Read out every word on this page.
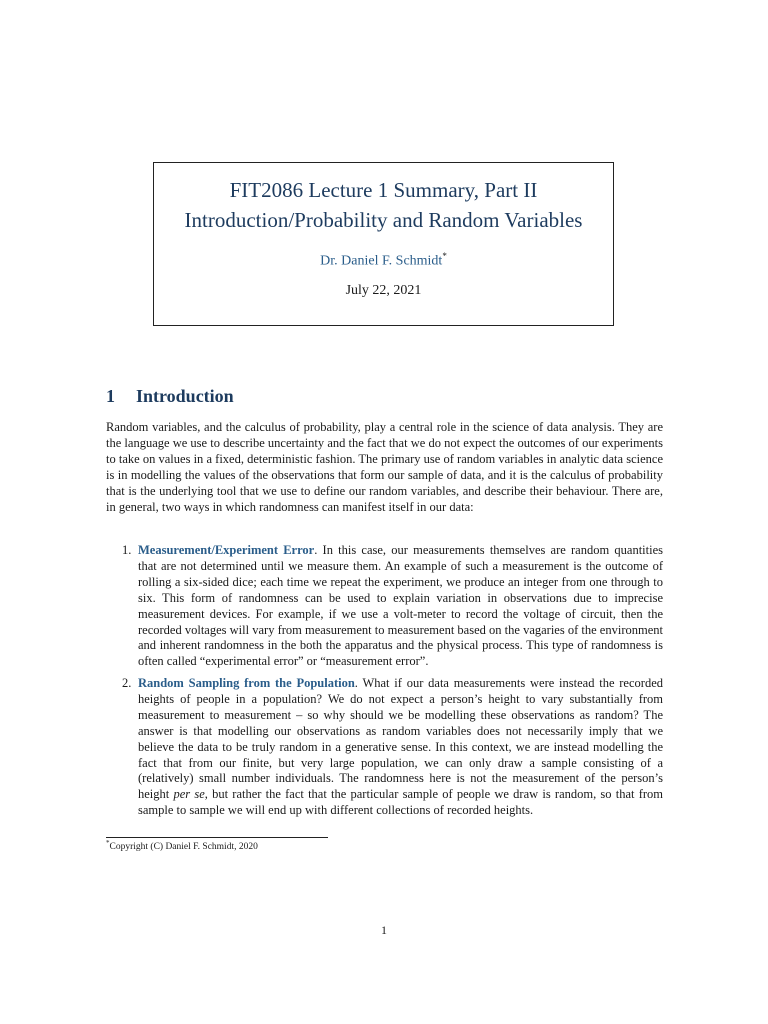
FIT2086 Lecture 1 Summary, Part II
Introduction/Probability and Random Variables
Dr. Daniel F. Schmidt*
July 22, 2021
1 Introduction

Random variables, and the calculus of probability, play a central role in the science of data analysis. They are the language we use to describe uncertainty and the fact that we do not expect the outcomes of our experiments to take on values in a fixed, deterministic fashion. The primary use of random variables in analytic data science is in modelling the values of the observations that form our sample of data, and it is the calculus of probability that is the underlying tool that we use to define our random variables, and describe their behaviour. There are, in general, two ways in which randomness can manifest itself in our data:

1. Measurement/Experiment Error. In this case, our measurements themselves are random quantities that are not determined until we measure them. An example of such a measurement is the outcome of rolling a six-sided dice; each time we repeat the experiment, we produce an integer from one through to six. This form of randomness can be used to explain variation in observations due to imprecise measurement devices. For example, if we use a volt-meter to record the voltage of circuit, then the recorded voltages will vary from measurement to measurement based on the vagaries of the environment and inherent randomness in the both the apparatus and the physical process. This type of randomness is often called “experimental error” or “measurement error”.
2. Random Sampling from the Population. What if our data measurements were instead the recorded heights of people in a population? We do not expect a person’s height to vary substantially from measurement to measurement – so why should we be modelling these observations as random? The answer is that modelling our observations as random variables does not necessarily imply that we believe the data to be truly random in a generative sense. In this context, we are instead modelling the fact that from our finite, but very large population, we can only draw a sample consisting of a (relatively) small number individuals. The randomness here is not the measurement of the person’s height per se, but rather the fact that the particular sample of people we draw is random, so that from sample to sample we will end up with different collections of recorded heights.
*Copyright (C) Daniel F. Schmidt, 2020
1
